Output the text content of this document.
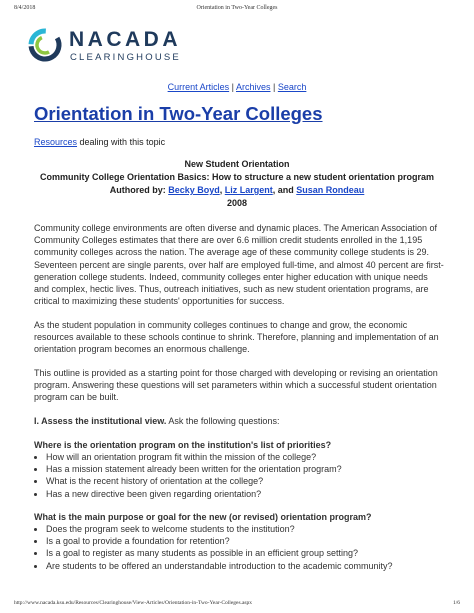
8/4/2018	Orientation in Two-Year Colleges
NACADA
CLEARINGHOUSE
Current Articles | Archives | Search
Orientation in Two-Year Colleges
Resources dealing with this topic
New Student Orientation
Community College Orientation Basics: How to structure a new student orientation program
Authored by: Becky Boyd, Liz Largent, and Susan Rondeau
2008

Community college environments are often diverse and dynamic places. The American Association of Community Colleges estimates that there are over 6.6 million credit students enrolled in the 1,195 community colleges across the nation. The average age of these community college students is 29. Seventeen percent are single parents, over half are employed full-time, and almost 40 percent are first-generation college students. Indeed, community colleges enter higher education with unique needs and complex, hectic lives. Thus, outreach initiatives, such as new student orientation programs, are critical to maximizing these students' opportunities for success.

As the student population in community colleges continues to change and grow, the economic resources available to these schools continue to shrink. Therefore, planning and implementation of an orientation program becomes an enormous challenge.

This outline is provided as a starting point for those charged with developing or revising an orientation program. Answering these questions will set parameters within which a successful student orientation program can be built.

I. Assess the institutional view. Ask the following questions:

Where is the orientation program on the institution's list of priorities?
• How will an orientation program fit within the mission of the college?
• Has a mission statement already been written for the orientation program?
• What is the recent history of orientation at the college?
• Has a new directive been given regarding orientation?
What is the main purpose or goal for the new (or revised) orientation program?
• Does the program seek to welcome students to the institution?
• Is a goal to provide a foundation for retention?
• Is a goal to register as many students as possible in an efficient group setting?
• Are students to be offered an understandable introduction to the academic community?
http://www.nacada.ksu.edu/Resources/Clearinghouse/View-Articles/Orientation-in-Two-Year-Colleges.aspx	1/6
